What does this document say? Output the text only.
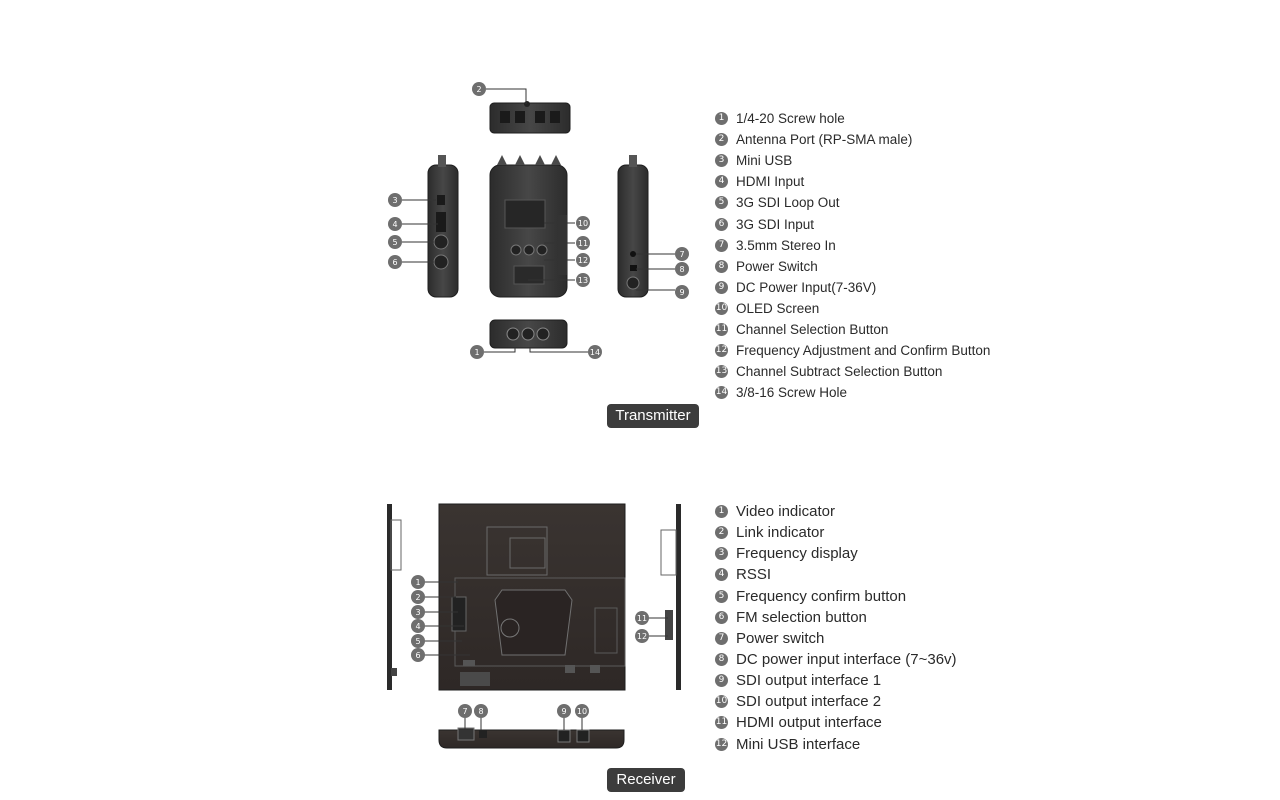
2
3
4
5
6
10
11
12
13
7
8
9
1	14
1
2
3
4
5
6
11
12
7 8	9 10
1 1/4-20 Screw hole
2 Antenna Port (RP-SMA male)
3 Mini USB
4 HDMI Input
5 3G SDI Loop Out
6 3G SDI Input
7 3.5mm Stereo In
8 Power Switch
9 DC Power Input(7-36V)
10 OLED Screen
11 Channel Selection Button
12 Frequency Adjustment and Confirm Button
13 Channel Subtract Selection Button
14 3/8-16 Screw Hole
Transmitter
1 Video indicator
2 Link indicator
3 Frequency display
4 RSSI
5 Frequency confirm button
6 FM selection button
7 Power switch
8 DC power input interface (7~36v)
9 SDI output interface 1
10 SDI output interface 2
11 HDMI output interface
12 Mini USB interface
Receiver
